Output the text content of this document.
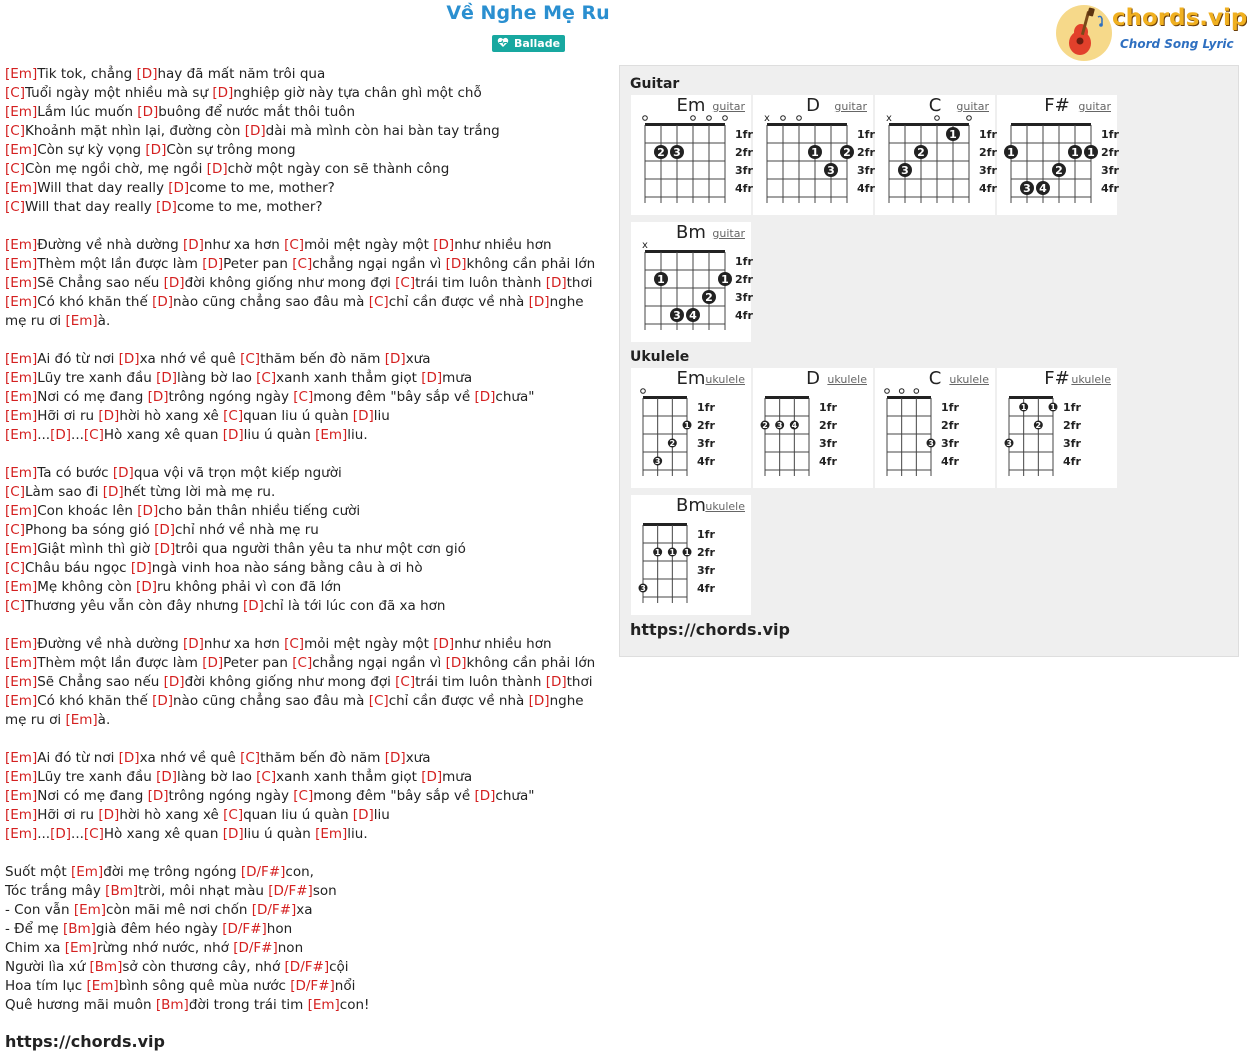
Về Nghe Mẹ Ru
Ballade
chords.vip
Chord Song Lyric
[Em]Tik tok, chẳng [D]hay đã mất năm trôi qua
[C]Tuổi ngày một nhiều mà sự [D]nghiệp giờ này tựa chân ghì một chỗ
[Em]Lắm lúc muốn [D]buông để nước mắt thôi tuôn
[C]Khoảnh mặt nhìn lại, đường còn [D]dài mà mình còn hai bàn tay trắng
[Em]Còn sự kỳ vọng [D]Còn sự trông mong
[C]Còn mẹ ngồi chờ, mẹ ngồi [D]chờ một ngày con sẽ thành công
[Em]Will that day really [D]come to me, mother?
[C]Will that day really [D]come to me, mother?
[Em]Đường về nhà dường [D]như xa hơn [C]mỏi mệt ngày một [D]như nhiều hơn
[Em]Thèm một lần được làm [D]Peter pan [C]chẳng ngại ngần vì [D]không cần phải lớn
[Em]Sẽ Chẳng sao nếu [D]đời không giống như mong đợi [C]trái tim luôn thành [D]thơi
[Em]Có khó khăn thế [D]nào cũng chẳng sao đâu mà [C]chỉ cần được về nhà [D]nghe mẹ ru ơi [Em]à.
[Em]Ai đó từ nơi [D]xa nhớ về quê [C]thăm bến đò năm [D]xưa
[Em]Lũy tre xanh đầu [D]làng bờ lao [C]xanh xanh thẳm giọt [D]mưa
[Em]Nơi có mẹ đang [D]trông ngóng ngày [C]mong đêm "bây sắp về [D]chưa"
[Em]Hỡi ơi ru [D]hời hò xang xê [C]quan liu ú quàn [D]liu
[Em]...[D]...[C]Hò xang xê quan [D]liu ú quàn [Em]liu.
[Em]Ta có bước [D]qua vội vã trọn một kiếp người
[C]Làm sao đi [D]hết từng lời mà mẹ ru.
[Em]Con khoác lên [D]cho bản thân nhiều tiếng cười
[C]Phong ba sóng gió [D]chỉ nhớ về nhà mẹ ru
[Em]Giật mình thì giờ [D]trôi qua người thân yêu ta như một cơn gió
[C]Châu báu ngọc [D]ngà vinh hoa nào sáng bằng câu à ơi hò
[Em]Mẹ không còn [D]ru không phải vì con đã lớn
[C]Thương yêu vẫn còn đây nhưng [D]chỉ là tới lúc con đã xa hơn
[Em]Đường về nhà dường [D]như xa hơn [C]mỏi mệt ngày một [D]như nhiều hơn
[Em]Thèm một lần được làm [D]Peter pan [C]chẳng ngại ngần vì [D]không cần phải lớn
[Em]Sẽ Chẳng sao nếu [D]đời không giống như mong đợi [C]trái tim luôn thành [D]thơi
[Em]Có khó khăn thế [D]nào cũng chẳng sao đâu mà [C]chỉ cần được về nhà [D]nghe mẹ ru ơi [Em]à.
[Em]Ai đó từ nơi [D]xa nhớ về quê [C]thăm bến đò năm [D]xưa
[Em]Lũy tre xanh đầu [D]làng bờ lao [C]xanh xanh thẳm giọt [D]mưa
[Em]Nơi có mẹ đang [D]trông ngóng ngày [C]mong đêm "bây sắp về [D]chưa"
[Em]Hỡi ơi ru [D]hời hò xang xê [C]quan liu ú quàn [D]liu
[Em]...[D]...[C]Hò xang xê quan [D]liu ú quàn [Em]liu.
Suốt một [Em]đời mẹ trông ngóng [D/F#]con,
Tóc trắng mây [Bm]trời, môi nhạt màu [D/F#]son
- Con vẫn [Em]còn mãi mê nơi chốn [D/F#]xa
- Để mẹ [Bm]già đêm héo ngày [D/F#]hon
Chim xa [Em]rừng nhớ nước, nhớ [D/F#]non
Người lìa xứ [Bm]sở còn thương cây, nhớ [D/F#]cội
Hoa tím lục [Em]bình sông quê mùa nước [D/F#]nổi
Quê hương mãi muôn [Bm]đời trong trái tim [Em]con!
https://chords.vip
Guitar
Ukulele
https://chords.vip
1fr
2fr
3fr
4fr
2 3
Em guitar
x
1fr
2fr
3fr
4fr
1
3
2
D	guitar
x
1fr
2fr
3fr
4fr
3
2
1
C	guitar
1fr
2fr
3fr
4fr
1
3 4
2
1 1
F# guitar
x
1fr
2fr
3fr
4fr
1
3 4
2
1
Bm guitar
1fr
2fr
3fr
4fr
3
2
1
Em ukulele
1fr
2fr
3fr
4fr
2 3 4
D ukulele
1fr
2fr
3fr
4fr
3
C ukulele
1fr
2fr
3fr
4fr
3
1
2
1
F# ukulele
1fr
2fr
3fr
4fr
3
1 1 1
Bm ukulele
